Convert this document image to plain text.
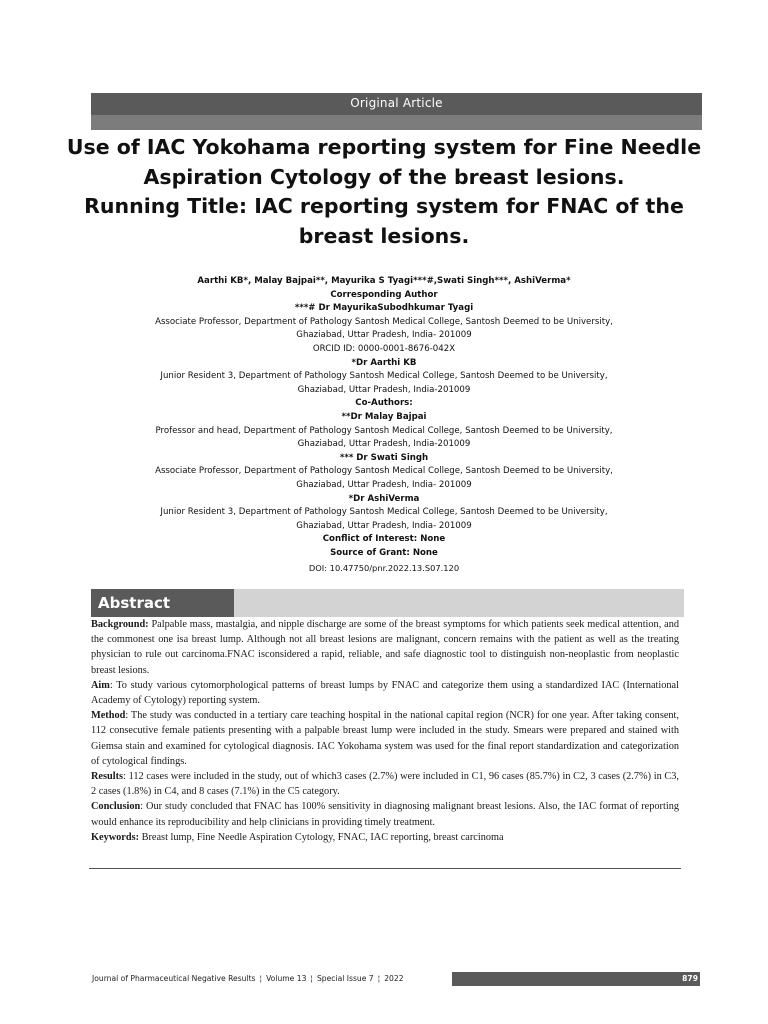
Original Article
Use of IAC Yokohama reporting system for Fine Needle
Aspiration Cytology of the breast lesions.
Running Title: IAC reporting system for FNAC of the
breast lesions.
Aarthi KB*, Malay Bajpai**, Mayurika S Tyagi***#,Swati Singh***, AshiVerma*
Corresponding Author
***# Dr MayurikaSubodhkumar Tyagi
Associate Professor, Department of Pathology Santosh Medical College, Santosh Deemed to be University,
Ghaziabad, Uttar Pradesh, India- 201009
ORCID ID: 0000-0001-8676-042X
*Dr Aarthi KB
Junior Resident 3, Department of Pathology Santosh Medical College, Santosh Deemed to be University,
Ghaziabad, Uttar Pradesh, India-201009
Co-Authors:
**Dr Malay Bajpai
Professor and head, Department of Pathology Santosh Medical College, Santosh Deemed to be University,
Ghaziabad, Uttar Pradesh, India-201009
*** Dr Swati Singh
Associate Professor, Department of Pathology Santosh Medical College, Santosh Deemed to be University,
Ghaziabad, Uttar Pradesh, India- 201009
*Dr AshiVerma
Junior Resident 3, Department of Pathology Santosh Medical College, Santosh Deemed to be University,
Ghaziabad, Uttar Pradesh, India- 201009
Conflict of Interest: None
Source of Grant: None
DOI: 10.47750/pnr.2022.13.S07.120
Abstract

Background: Palpable mass, mastalgia, and nipple discharge are some of the breast symptoms for which patients seek medical attention, and the commonest one isa breast lump. Although not all breast lesions are malignant, concern remains with the patient as well as the treating physician to rule out carcinoma.FNAC isconsidered a rapid, reliable, and safe diagnostic tool to distinguish non-neoplastic from neoplastic breast lesions.

Aim: To study various cytomorphological patterns of breast lumps by FNAC and categorize them using a standardized IAC (International Academy of Cytology) reporting system.

Method: The study was conducted in a tertiary care teaching hospital in the national capital region (NCR) for one year. After taking consent, 112 consecutive female patients presenting with a palpable breast lump were included in the study. Smears were prepared and stained with Giemsa stain and examined for cytological diagnosis. IAC Yokohama system was used for the final report standardization and categorization of cytological findings.

Results: 112 cases were included in the study, out of which3 cases (2.7%) were included in C1, 96 cases (85.7%) in C2, 3 cases (2.7%) in C3, 2 cases (1.8%) in C4, and 8 cases (7.1%) in the C5 category.

Conclusion: Our study concluded that FNAC has 100% sensitivity in diagnosing malignant breast lesions. Also, the IAC format of reporting would enhance its reproducibility and help clinicians in providing timely treatment.

Keywords: Breast lump, Fine Needle Aspiration Cytology, FNAC, IAC reporting, breast carcinoma

Journal of Pharmaceutical Negative Results ¦ Volume 13 ¦ Special Issue 7 ¦ 2022	879
